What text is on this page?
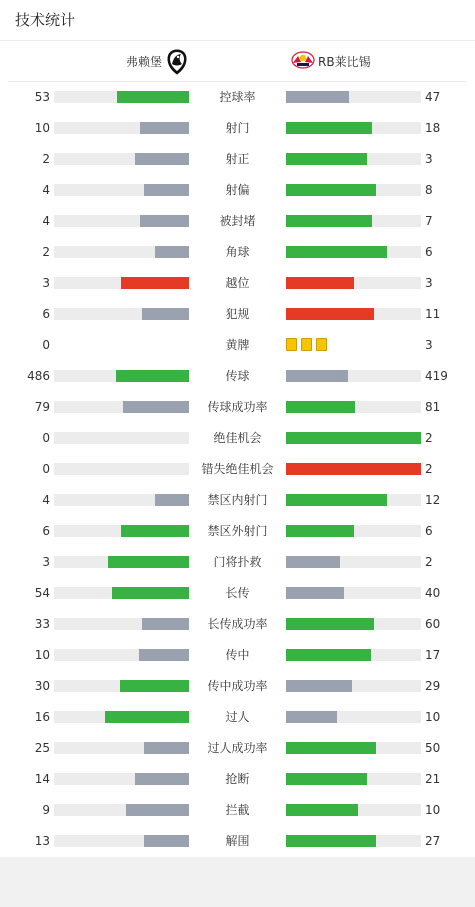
技术统计
弗赖堡	RB莱比锡
53	控球率	47
10	射门	18
2	射正	3
4	射偏	8
4	被封堵	7
2	角球	6
3	越位	3
6	犯规	11
0	黄牌	3
486	传球	419
79	传球成功率	81
0	绝佳机会	2
0	错失绝佳机会	2
4	禁区内射门	12
6	禁区外射门	6
3	门将扑救	2
54	长传	40
33	长传成功率	60
10	传中	17
30	传中成功率	29
16	过人	10
25	过人成功率	50
14	抢断	21
9	拦截	10
13	解围	27
